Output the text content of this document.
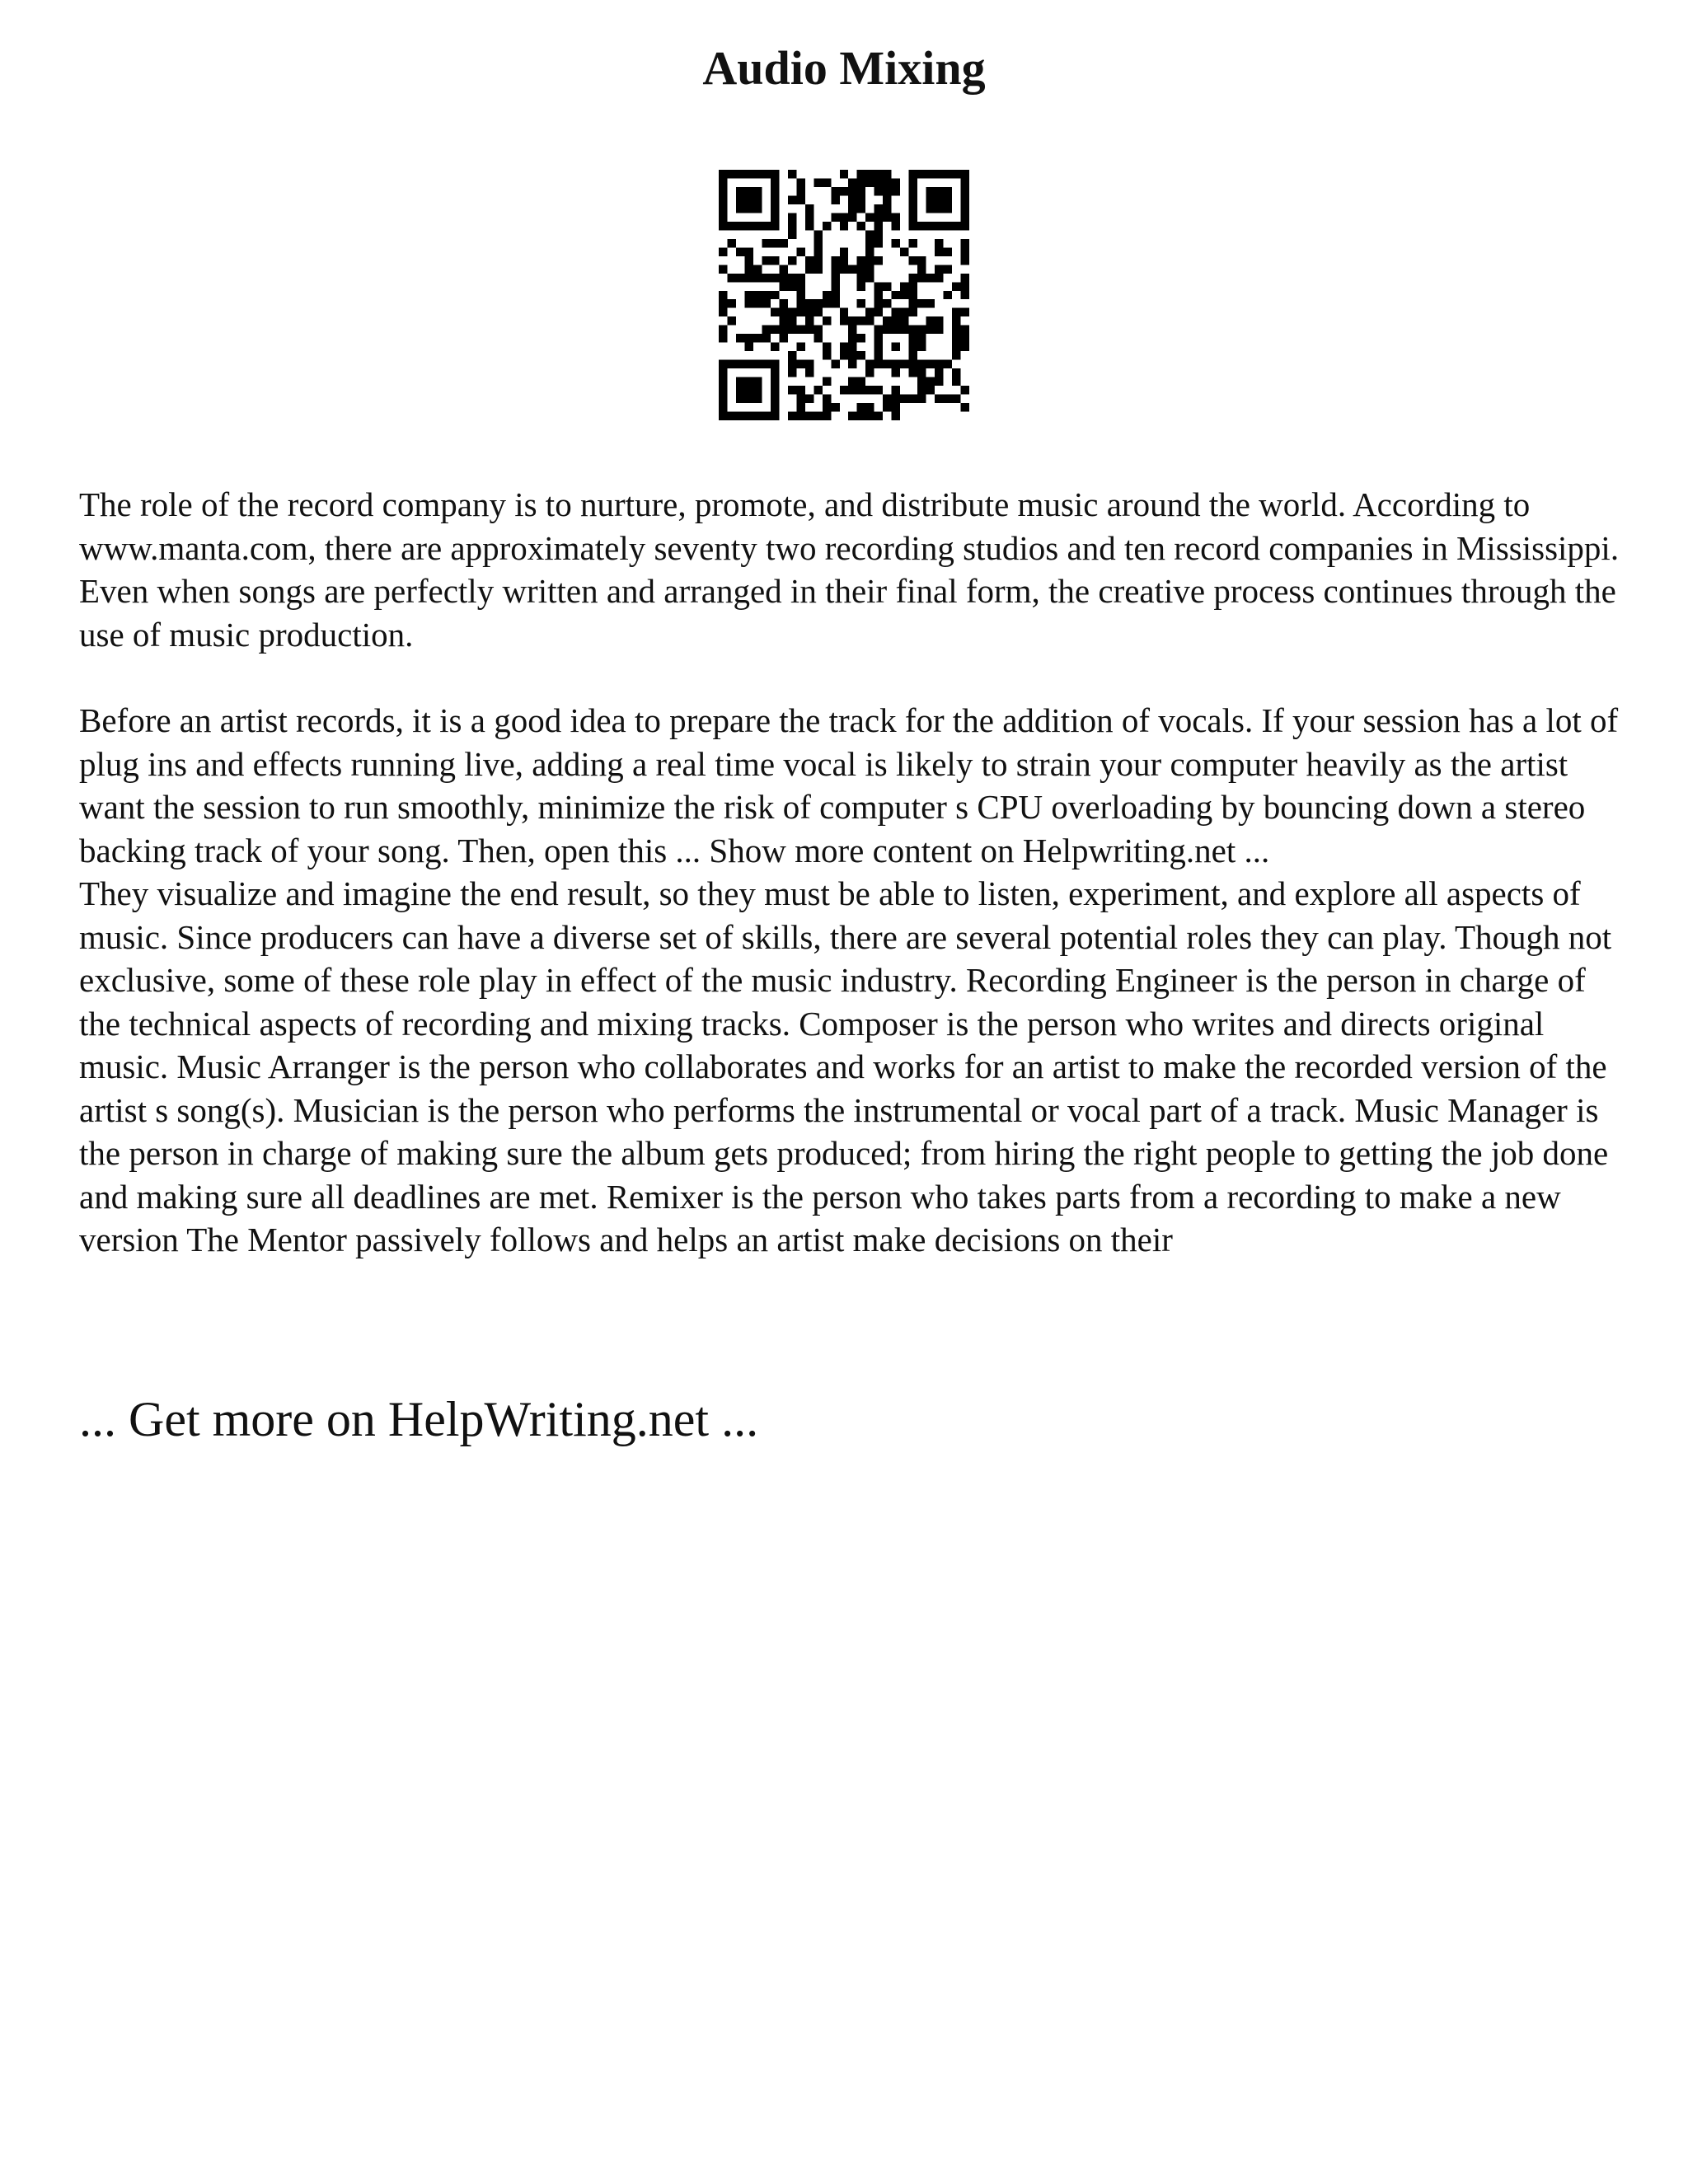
Audio Mixing

The role of the record company is to nurture, promote, and distribute music around the world. According to www.manta.com, there are approximately seventy two recording studios and ten record companies in Mississippi. Even when songs are perfectly written and arranged in their final form, the creative process continues through the use of music production.

Before an artist records, it is a good idea to prepare the track for the addition of vocals. If your session has a lot of plug ins and effects running live, adding a real time vocal is likely to strain your computer heavily as the artist want the session to run smoothly, minimize the risk of computer s CPU overloading by bouncing down a stereo backing track of your song. Then, open this ... Show more content on Helpwriting.net ...

They visualize and imagine the end result, so they must be able to listen, experiment, and explore all aspects of music. Since producers can have a diverse set of skills, there are several potential roles they can play. Though not exclusive, some of these role play in effect of the music industry. Recording Engineer is the person in charge of the technical aspects of recording and mixing tracks. Composer is the person who writes and directs original music. Music Arranger is the person who collaborates and works for an artist to make the recorded version of the artist s song(s). Musician is the person who performs the instrumental or vocal part of a track. Music Manager is the person in charge of making sure the album gets produced; from hiring the right people to getting the job done and making sure all deadlines are met. Remixer is the person who takes parts from a recording to make a new version The Mentor passively follows and helps an artist make decisions on their

... Get more on HelpWriting.net ...
